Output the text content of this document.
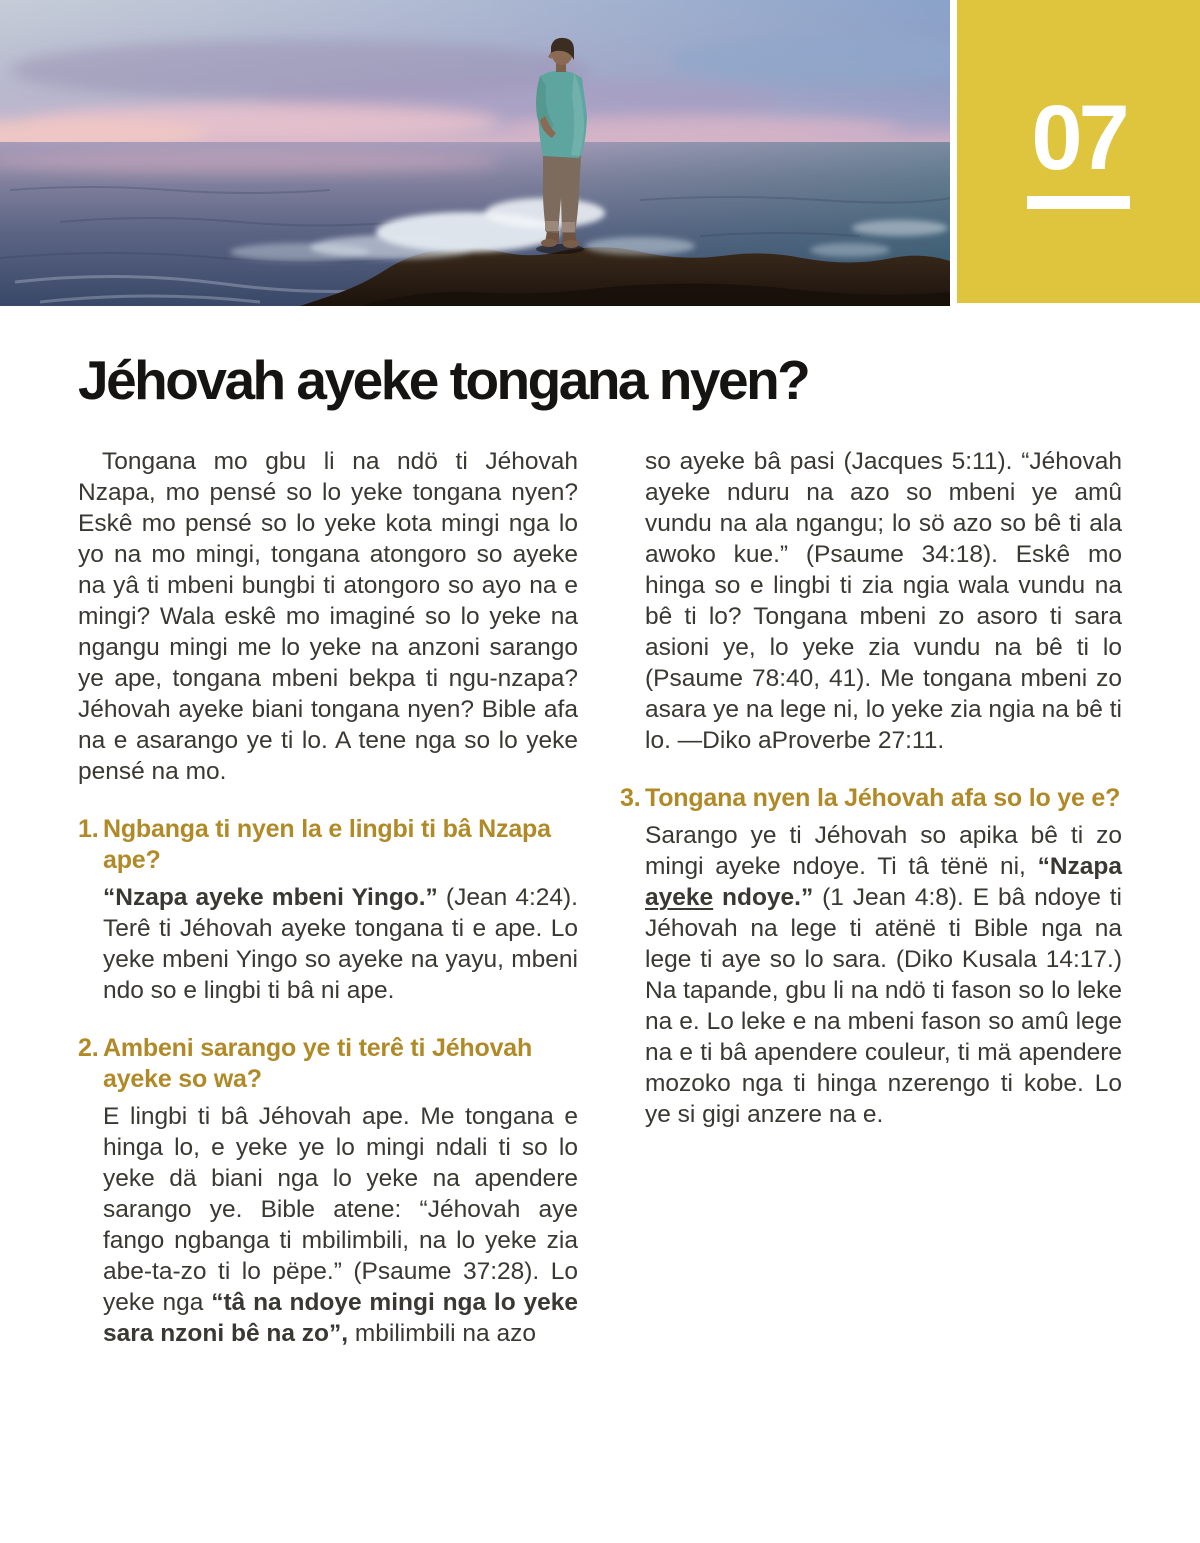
07
Jéhovah ayeke tongana nyen?

Tongana mo gbu li na ndö ti Jéhovah Nzapa, mo pensé so lo yeke tongana nyen? Eskê mo pensé so lo yeke kota mingi nga lo yo na mo mingi, tongana atongoro so ayeke na yâ ti mbeni bungbi ti atongoro so ayo na e mingi? Wala eskê mo imaginé so lo yeke na ngangu mingi me lo yeke na anzoni sarango ye ape, tongana mbeni bekpa ti ngu-nzapa? Jéhovah ayeke biani tongana nyen? Bible afa na e asarango ye ti lo. A tene nga so lo yeke pensé na mo.

1. Ngbanga ti nyen la e lingbi ti bâ Nzapa ape?

“Nzapa ayeke mbeni Yingo.” (Jean 4:24). Terê ti Jéhovah ayeke tongana ti e ape. Lo yeke mbeni Yingo so ayeke na yayu, mbeni ndo so e lingbi ti bâ ni ape.

2. Ambeni sarango ye ti terê ti Jéhovah ayeke so wa?

E lingbi ti bâ Jéhovah ape. Me tongana e hinga lo, e yeke ye lo mingi ndali ti so lo yeke dä biani nga lo yeke na apendere sarango ye. Bible atene: “Jéhovah aye fango ngbanga ti mbilimbili, na lo yeke zia abe-ta-zo ti lo pëpe.” (Psaume 37:28). Lo yeke nga “tâ na ndoye mingi nga lo yeke sara nzoni bê na zo”, mbilimbili na azo

so ayeke bâ pasi (Jacques 5:11). “Jéhovah ayeke nduru na azo so mbeni ye amû vundu na ala ngangu; lo sö azo so bê ti ala awoko kue.” (Psaume 34:18). Eskê mo hinga so e lingbi ti zia ngia wala vundu na bê ti lo? Tongana mbeni zo asoro ti sara asioni ye, lo yeke zia vundu na bê ti lo (Psaume 78:40, 41). Me tongana mbeni zo asara ye na lege ni, lo yeke zia ngia na bê ti lo. —Diko aProverbe 27:11.

3. Tongana nyen la Jéhovah afa so lo ye e?

Sarango ye ti Jéhovah so apika bê ti zo mingi ayeke ndoye. Ti tâ tënë ni, “Nzapa ayeke ndoye.” (1 Jean 4:8). E bâ ndoye ti Jéhovah na lege ti atënë ti Bible nga na lege ti aye so lo sara. (Diko Kusala 14:17.) Na tapande, gbu li na ndö ti fason so lo leke na e. Lo leke e na mbeni fason so amû lege na e ti bâ apendere couleur, ti mä apendere mozoko nga ti hinga nzerengo ti kobe. Lo ye si gigi anzere na e.
